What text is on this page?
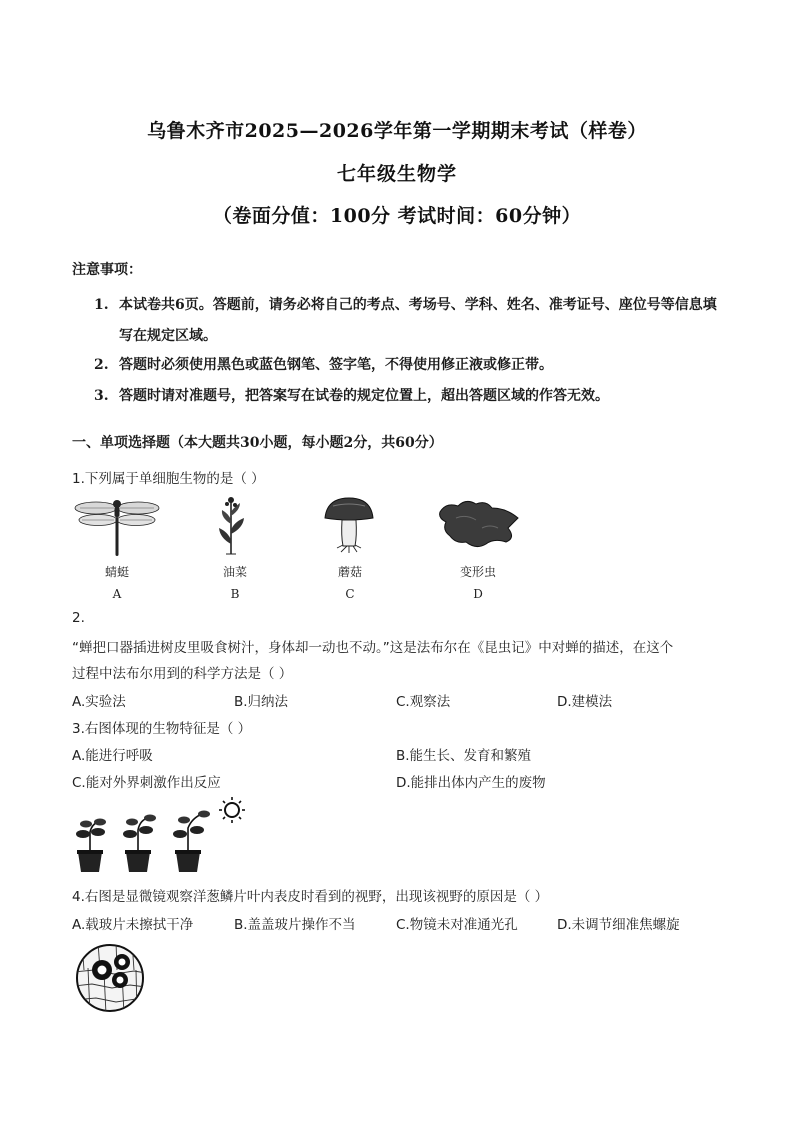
乌鲁木齐市2025—2026学年第一学期期末考试（样卷）
七年级生物学
（卷面分值：100分 考试时间：60分钟）
注意事项：
1. 本试卷共6页。答题前，请务必将自己的考点、考场号、学科、姓名、准考证号、座位号等信息填写在规定区域。
2. 答题时必须使用黑色或蓝色钢笔、签字笔，不得使用修正液或修正带。
3. 答题时请对准题号，把答案写在试卷的规定位置上，超出答题区域的作答无效。
一、单项选择题（本大题共30小题，每小题2分，共60分）
1.下列属于单细胞生物的是（ ）
蜻蜓
A
油菜
B
蘑菇
C
变形虫
D
2.
“蝉把口器插进树皮里吸食树汁，身体却一动也不动。”这是法布尔在《昆虫记》中对蝉的描述，在这个
过程中法布尔用到的科学方法是（ ）
A.实验法	B.归纳法	C.观察法	D.建模法
3.右图体现的生物特征是（ ）
A.能进行呼吸	B.能生长、发育和繁殖
C.能对外界刺激作出反应	D.能排出体内产生的废物
4.右图是显微镜观察洋葱鳞片叶内表皮时看到的视野，出现该视野的原因是（ ）
A.载玻片未擦拭干净	B.盖盖玻片操作不当	C.物镜未对准通光孔	D.未调节细准焦螺旋
